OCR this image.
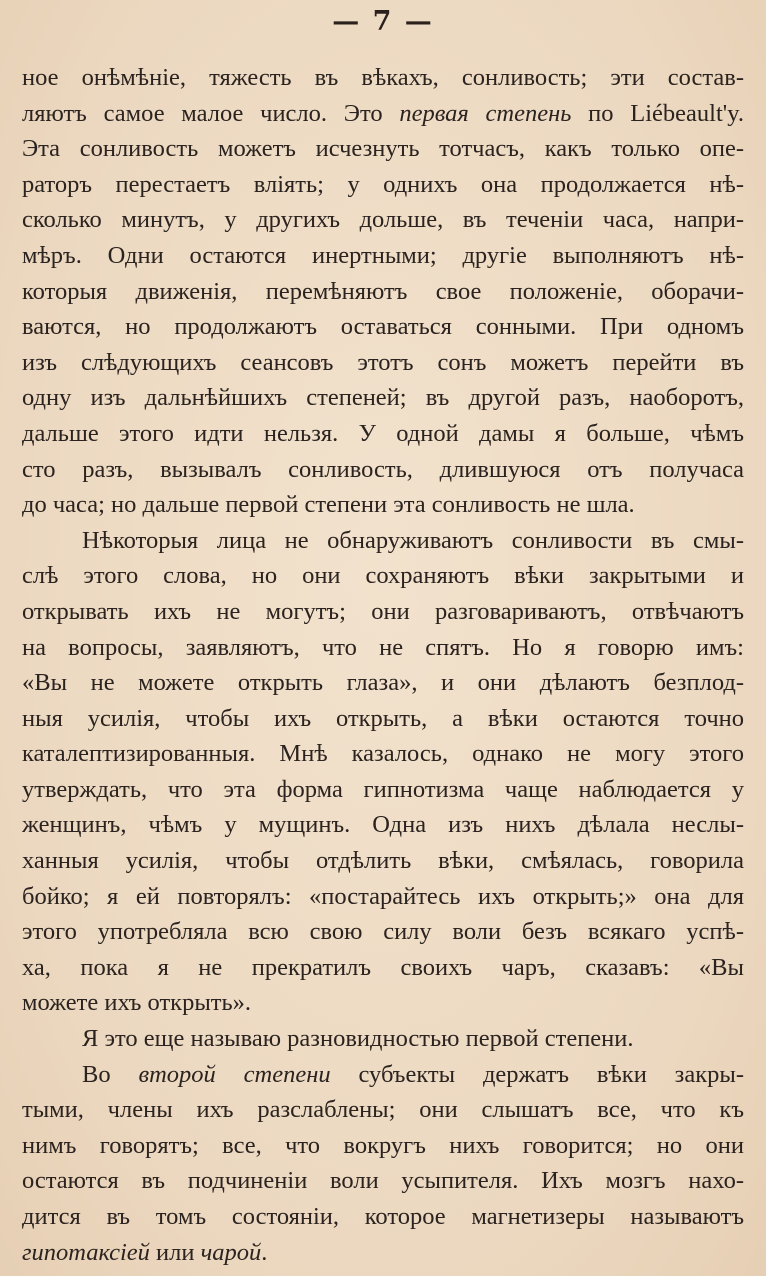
— 7 —
ное онѣмѣніе, тяжесть въ вѣкахъ, сонливость; эти состав-
ляютъ самое малое число. Это первая степень по Liébeault'y.
Эта сонливость можетъ исчезнуть тотчасъ, какъ только опе-
раторъ перестаетъ вліять; у однихъ она продолжается нѣ-
сколько минутъ, у другихъ дольше, въ теченіи часа, напри-
мѣръ. Одни остаются инертными; другіе выполняютъ нѣ-
которыя движенія, перемѣняютъ свое положеніе, оборачи-
ваются, но продолжаютъ оставаться сонными. При одномъ
изъ слѣдующихъ сеансовъ этотъ сонъ можетъ перейти въ
одну изъ дальнѣйшихъ степеней; въ другой разъ, наоборотъ,
дальше этого идти нельзя. У одной дамы я больше, чѣмъ
сто разъ, вызывалъ сонливость, длившуюся отъ получаса
до часа; но дальше первой степени эта сонливость не шла.
Нѣкоторыя лица не обнаруживаютъ сонливости въ смы-
слѣ этого слова, но они сохраняютъ вѣки закрытыми и
открывать ихъ не могутъ; они разговариваютъ, отвѣчаютъ
на вопросы, заявляютъ, что не спятъ. Но я говорю имъ:
«Вы не можете открыть глаза», и они дѣлаютъ безплод-
ныя усилія, чтобы ихъ открыть, а вѣки остаются точно
каталептизированныя. Мнѣ казалось, однако не могу этого
утверждать, что эта форма гипнотизма чаще наблюдается у
женщинъ, чѣмъ у мущинъ. Одна изъ нихъ дѣлала неслы-
ханныя усилія, чтобы отдѣлить вѣки, смѣялась, говорила
бойко; я ей повторялъ: «постарайтесь ихъ открыть;» она для
этого употребляла всю свою силу воли безъ всякаго успѣ-
ха, пока я не прекратилъ своихъ чаръ, сказавъ: «Вы
можете ихъ открыть».
Я это еще называю разновидностью первой степени.
Во второй степени субъекты держатъ вѣки закры-
тыми, члены ихъ разслаблены; они слышатъ все, что къ
нимъ говорятъ; все, что вокругъ нихъ говорится; но они
остаются въ подчиненіи воли усыпителя. Ихъ мозгъ нахо-
дится въ томъ состояніи, которое магнетизеры называютъ
гипотаксіей или чарой.
